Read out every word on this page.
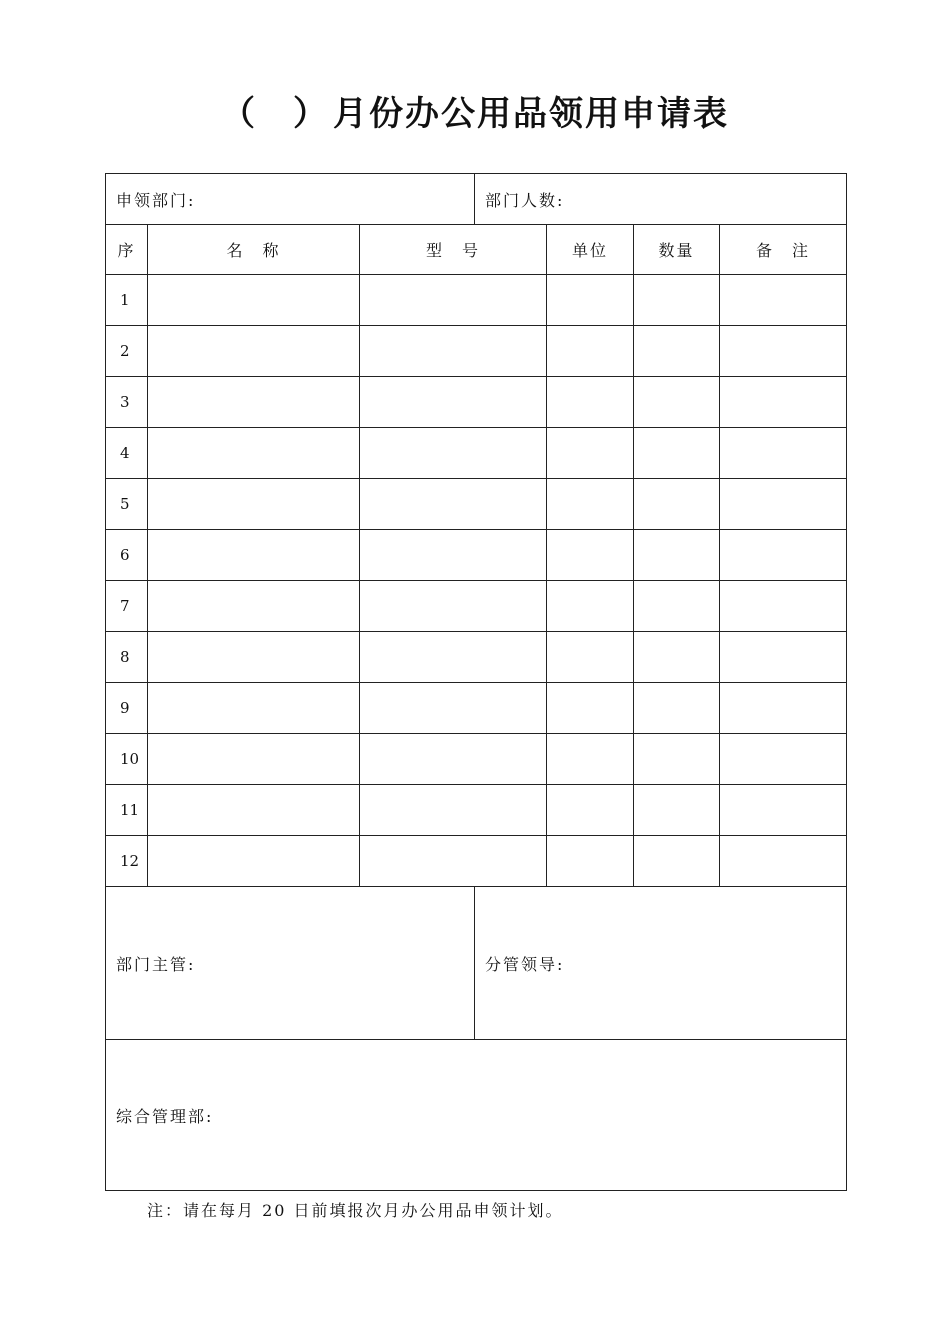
（ ） 月份办公用品领用申请表
申领部门:			部门人数:			
序	名　称	型　号		单位	数量	备　注
1						
2						
3						
4						
5						
6						
7						
8						
9						
10						
11						
12						
部门主管:			分管领导:			
综合管理部:						
注：请在每月 20 日前填报次月办公用品申领计划。
